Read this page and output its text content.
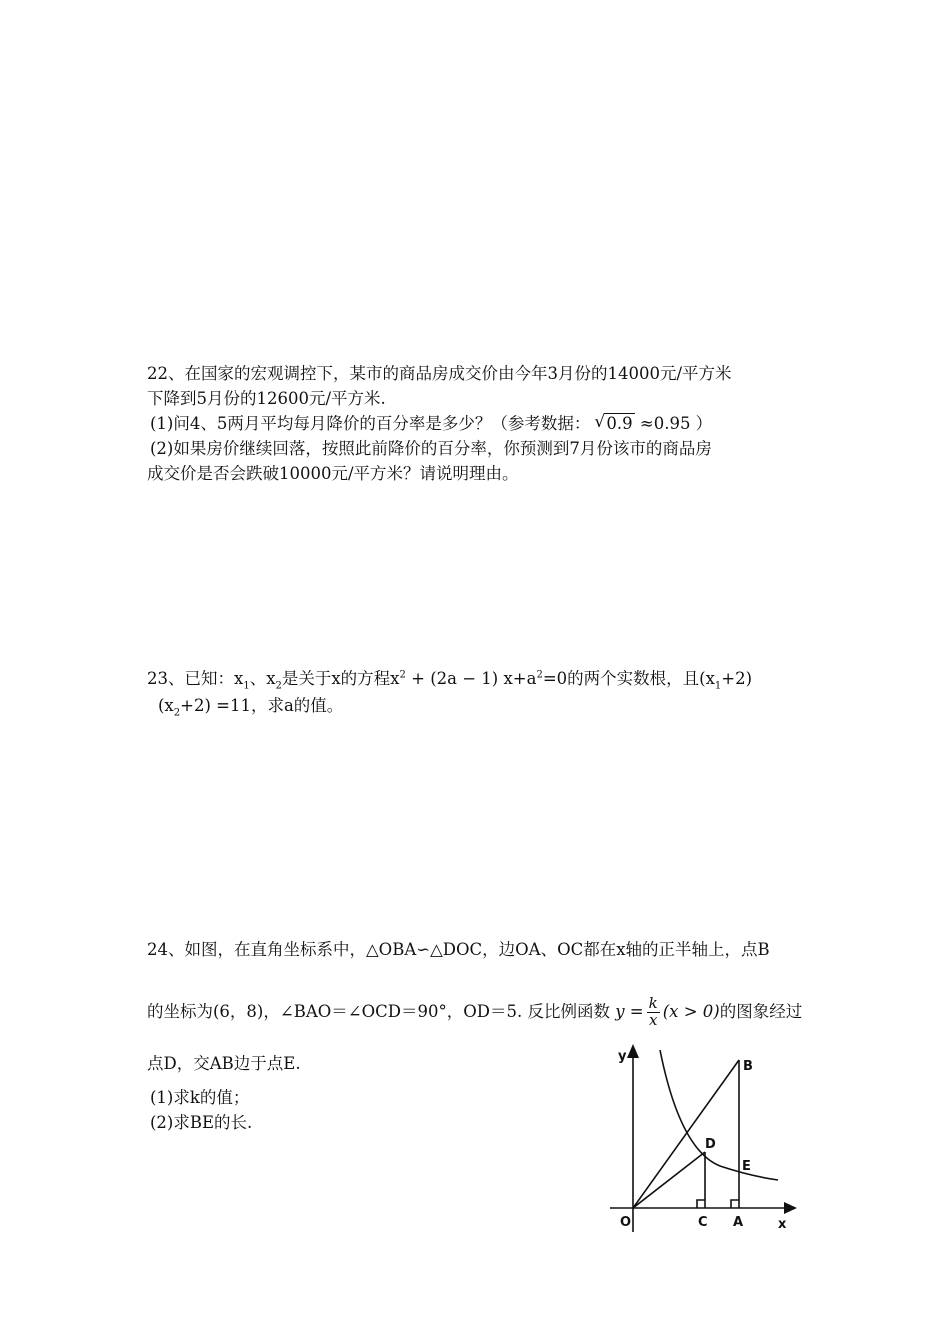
22、在国家的宏观调控下，某市的商品房成交价由今年3月份的14000元/平方米
下降到5月份的12600元/平方米.
(1)问4、5两月平均每月降价的百分率是多少？（参考数据： √ 0.9 ≈0.95 ）
(2)如果房价继续回落，按照此前降价的百分率，你预测到7月份该市的商品房
成交价是否会跌破10000元/平方米？请说明理由。
23、已知：$x_1$、$x_2$是关于x的方程$x^2 + (2a - 1)$ $x+a^2=0$的两个实数根，且$(x_1+2)$
$(x_2+2) =11$，求a的值。
24、如图，在直角坐标系中，△OBA∽△DOC，边OA、OC都在x轴的正半轴上，点B
的坐标为(6，8)，∠BAO＝∠OCD＝90°，OD＝5. 反比例函数 $y = \frac{k}{x} (x > 0)$的图象经过
点D，交AB边于点E.
(1)求k的值；
(2)求BE的长.
y
x
O
B
D
E
C A
